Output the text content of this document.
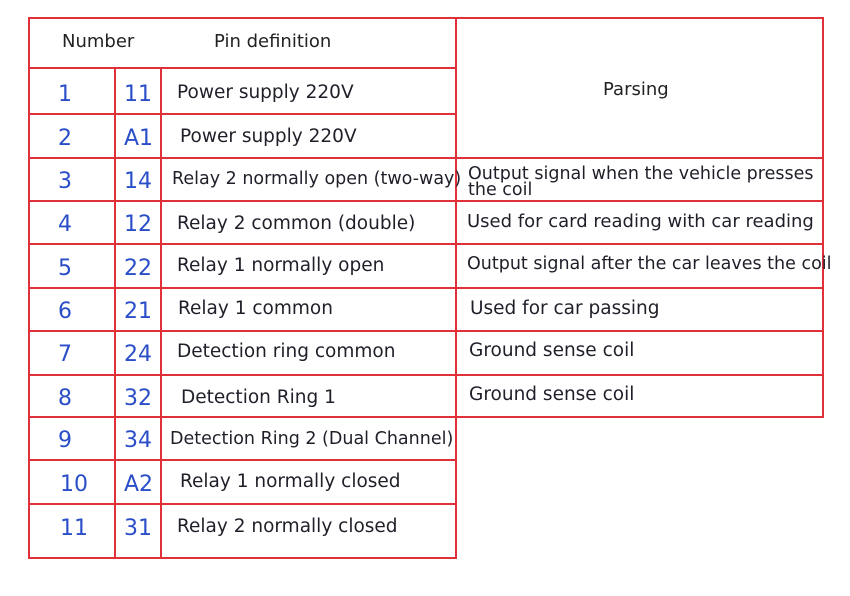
Number	Pin definition
Parsing
1 11 Power supply 220V
2 A1 Power supply 220V
3 14 Relay 2 normally open (two-way)
4 12 Relay 2 common (double)
5 22 Relay 1 normally open
6 21 Relay 1 common
7 24 Detection ring common
8 32 Detection Ring 1
9 34 Detection Ring 2 (Dual Channel)
10 A2 Relay 1 normally closed
11 31 Relay 2 normally closed
Output signal when the vehicle presses
the coil
Used for card reading with car reading
Output signal after the car leaves the coil
Used for car passing
Ground sense coil
Ground sense coil
